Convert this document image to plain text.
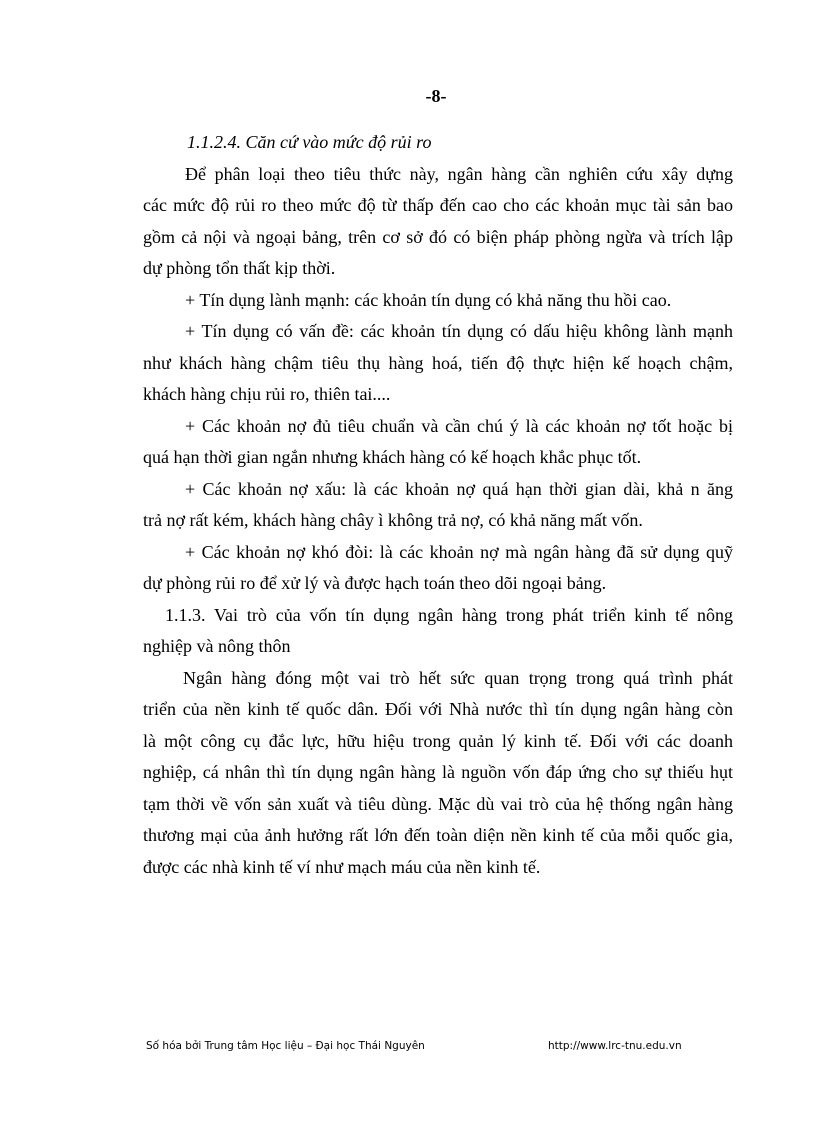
-8-
1.1.2.4. Căn cứ vào mức độ rủi ro
Để phân loại theo tiêu thức này, ngân hàng cần nghiên cứu xây dựng
các mức độ rủi ro theo mức độ từ thấp đến cao cho các khoản mục tài sản bao
gồm cả nội và ngoại bảng, trên cơ sở đó có biện pháp phòng ngừa và trích lập
dự phòng tổn thất kịp thời.
+ Tín dụng lành mạnh: các khoản tín dụng có khả năng thu hồi cao.
+ Tín dụng có vấn đề: các khoản tín dụng có dấu hiệu không lành mạnh
như khách hàng chậm tiêu thụ hàng hoá, tiến độ thực hiện kế hoạch chậm,
khách hàng chịu rủi ro, thiên tai....
+ Các khoản nợ đủ tiêu chuẩn và cần chú ý là các khoản nợ tốt hoặc bị
quá hạn thời gian ngắn nhưng khách hàng có kế hoạch khắc phục tốt.
+ Các khoản nợ xấu: là các khoản nợ quá hạn thời gian dài, khả n ăng
trả nợ rất kém, khách hàng chây ì không trả nợ, có khả năng mất vốn.
+ Các khoản nợ khó đòi: là các khoản nợ mà ngân hàng đã sử dụng quỹ
dự phòng rủi ro để xử lý và được hạch toán theo dõi ngoại bảng.
1.1.3. Vai trò của vốn tín dụng ngân hàng trong phát triển kinh tế nông
nghiệp và nông thôn
Ngân hàng đóng một vai trò hết sức quan trọng trong quá trình phát
triển của nền kinh tế quốc dân. Đối với Nhà nước thì tín dụng ngân hàng còn
là một công cụ đắc lực, hữu hiệu trong quản lý kinh tế. Đối với các doanh
nghiệp, cá nhân thì tín dụng ngân hàng là nguồn vốn đáp ứng cho sự thiếu hụt
tạm thời về vốn sản xuất và tiêu dùng. Mặc dù vai trò của hệ thống ngân hàng
thương mại của ảnh hưởng rất lớn đến toàn diện nền kinh tế của mỗi quốc gia,
được các nhà kinh tế ví như mạch máu của nền kinh tế.
Số hóa bởi Trung tâm Học liệu – Đại học Thái Nguyên	http://www.lrc-tnu.edu.vn
